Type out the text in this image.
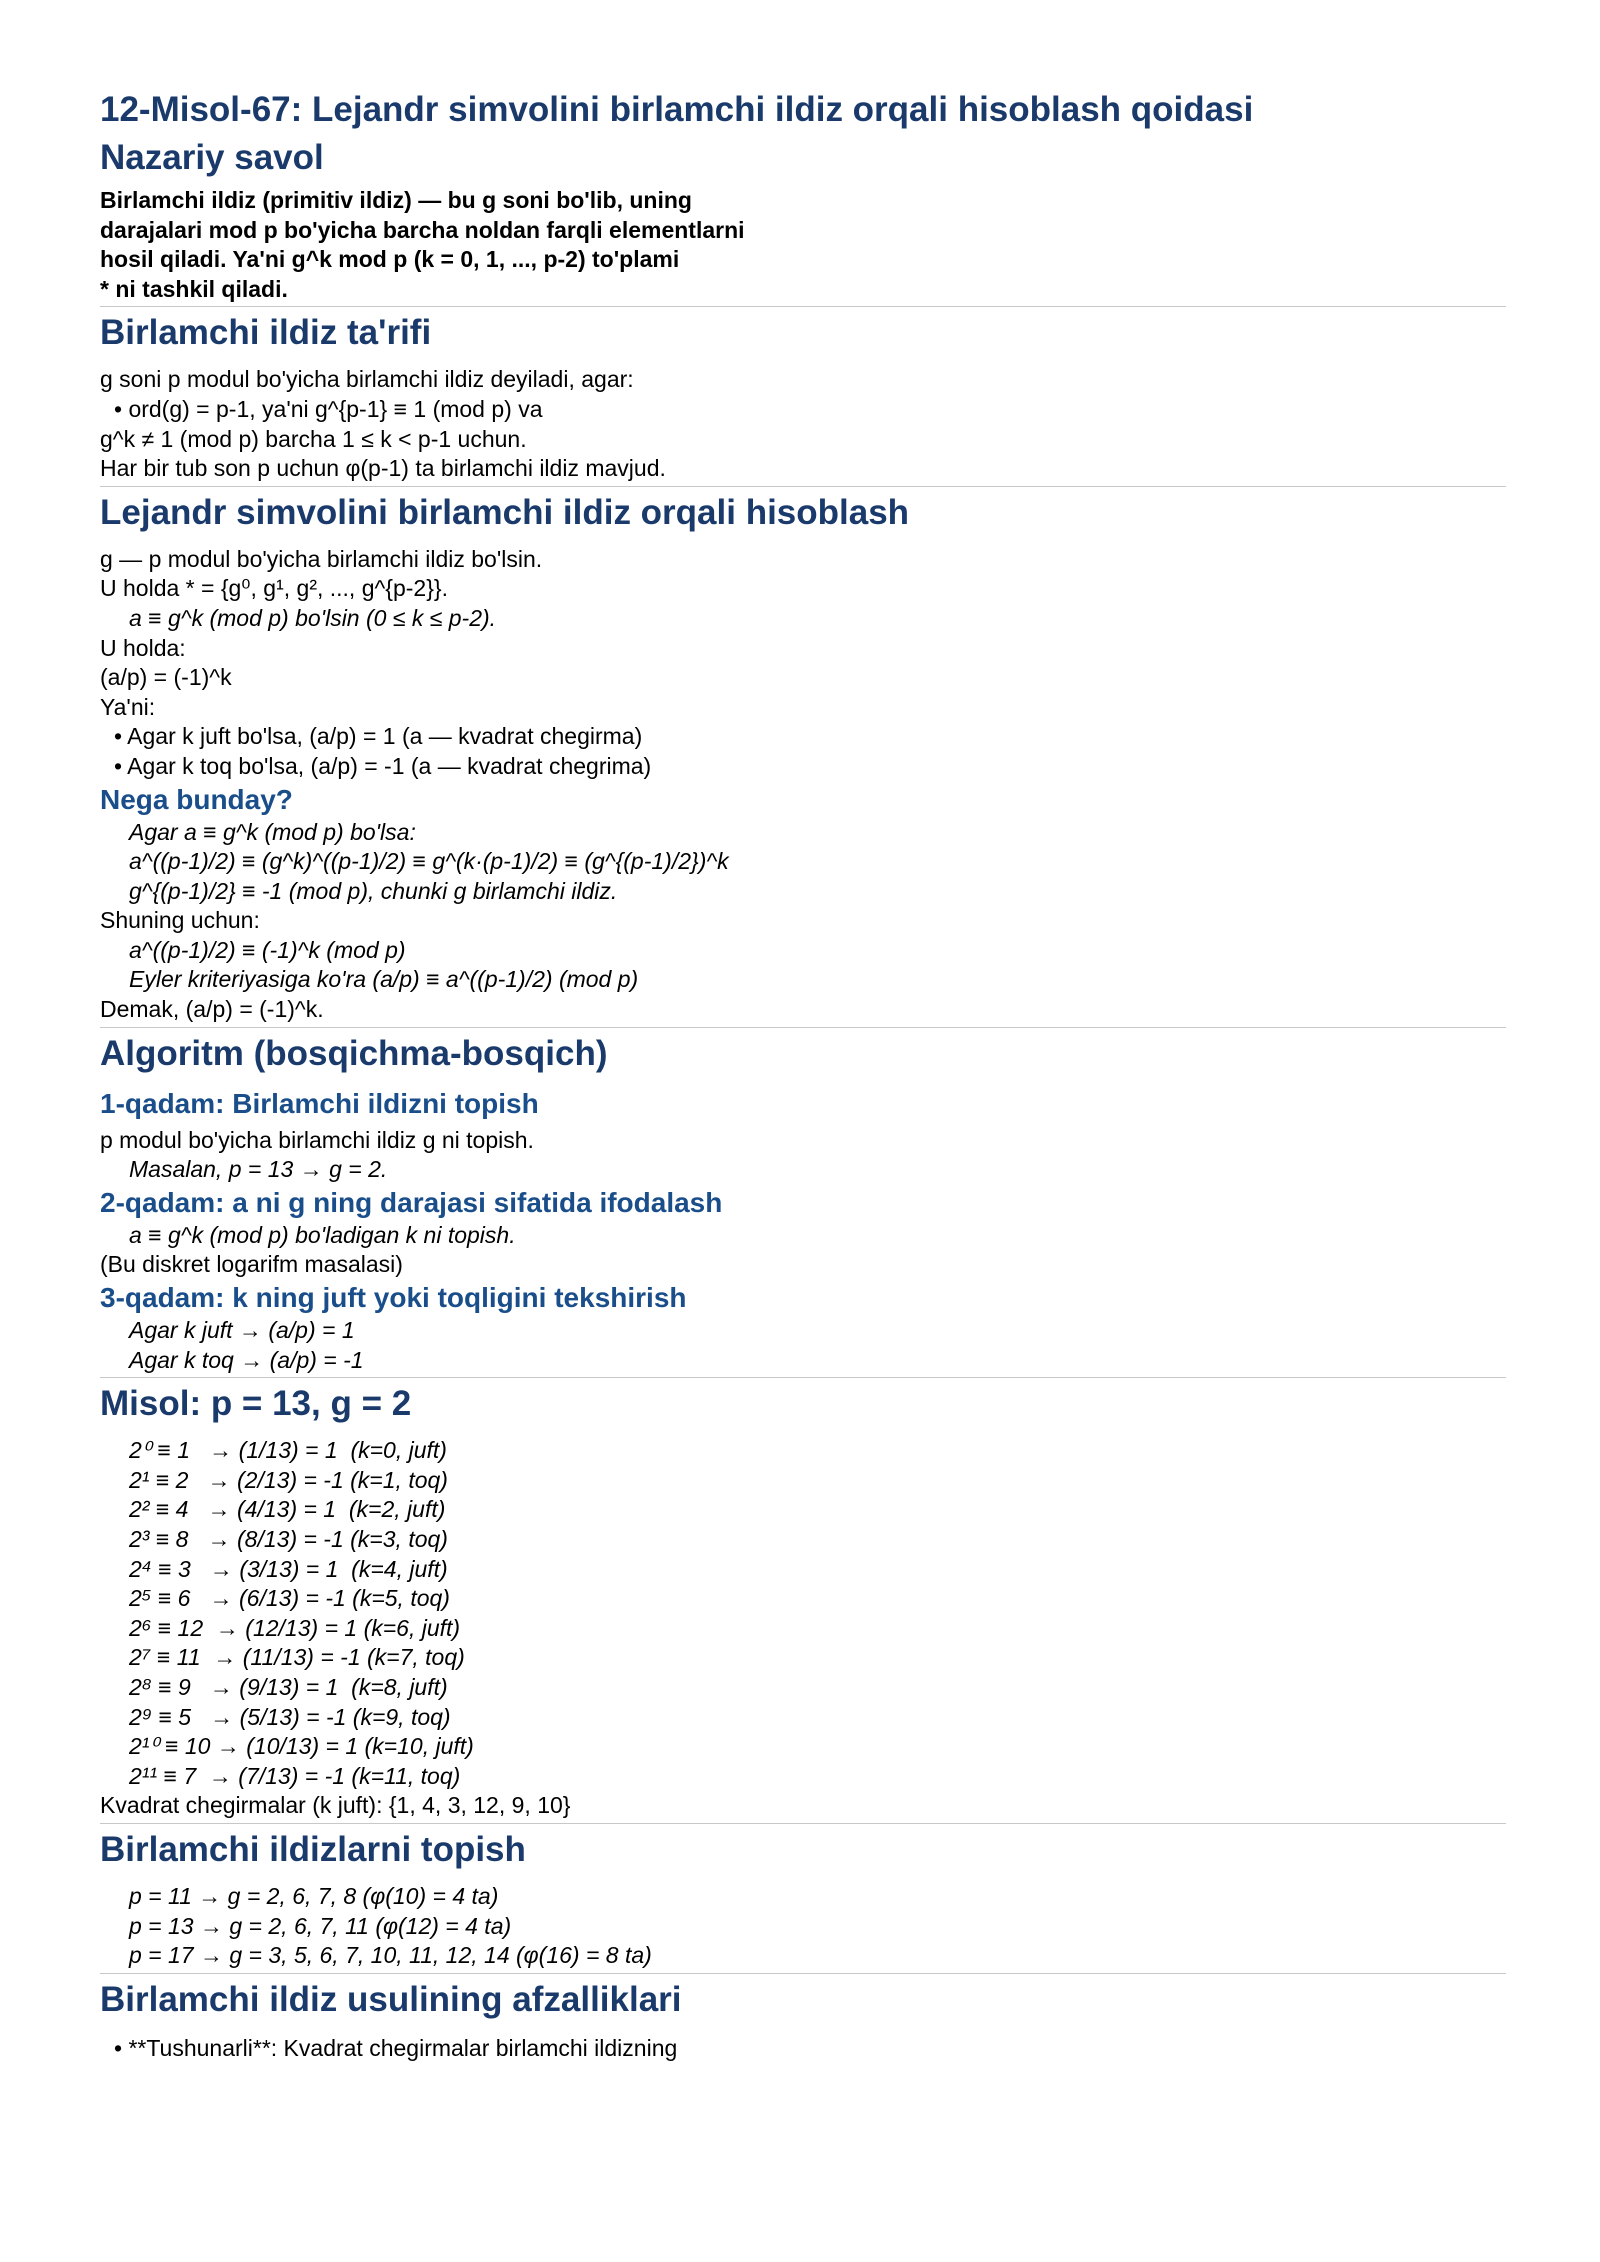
12-Misol-67: Lejandr simvolini birlamchi ildiz orqali hisoblash qoidasi
Nazariy savol
Birlamchi ildiz (primitiv ildiz) — bu g soni bo'lib, uning
darajalari mod p bo'yicha barcha noldan farqli elementlarni
hosil qiladi. Ya'ni g^k mod p (k = 0, 1, ..., p-2) to'plami
* ni tashkil qiladi.
Birlamchi ildiz ta'rifi
g soni p modul bo'yicha birlamchi ildiz deyiladi, agar:
• ord(g) = p-1, ya'ni g^{p-1} ≡ 1 (mod p) va
g^k ≠ 1 (mod p) barcha 1 ≤ k < p-1 uchun.
Har bir tub son p uchun φ(p-1) ta birlamchi ildiz mavjud.
Lejandr simvolini birlamchi ildiz orqali hisoblash
g — p modul bo'yicha birlamchi ildiz bo'lsin.
U holda * = {g⁰, g¹, g², ..., g^{p-2}}.
a ≡ g^k (mod p) bo'lsin (0 ≤ k ≤ p-2).
U holda:
(a/p) = (-1)^k
Ya'ni:
• Agar k juft bo'lsa, (a/p) = 1 (a — kvadrat chegirma)
• Agar k toq bo'lsa, (a/p) = -1 (a — kvadrat chegrima)
Nega bunday?
Agar a ≡ g^k (mod p) bo'lsa:
a^((p-1)/2) ≡ (g^k)^((p-1)/2) ≡ g^(k·(p-1)/2) ≡ (g^{(p-1)/2})^k
g^{(p-1)/2} ≡ -1 (mod p), chunki g birlamchi ildiz.
Shuning uchun:
a^((p-1)/2) ≡ (-1)^k (mod p)
Eyler kriteriyasiga ko'ra (a/p) ≡ a^((p-1)/2) (mod p)
Demak, (a/p) = (-1)^k.
Algoritm (bosqichma-bosqich)
1-qadam: Birlamchi ildizni topish
p modul bo'yicha birlamchi ildiz g ni topish.
Masalan, p = 13 → g = 2.
2-qadam: a ni g ning darajasi sifatida ifodalash
a ≡ g^k (mod p) bo'ladigan k ni topish.
(Bu diskret logarifm masalasi)
3-qadam: k ning juft yoki toqligini tekshirish
Agar k juft → (a/p) = 1
Agar k toq → (a/p) = -1
Misol: p = 13, g = 2
2⁰ ≡ 1   → (1/13) = 1  (k=0, juft)
2¹ ≡ 2   → (2/13) = -1 (k=1, toq)
2² ≡ 4   → (4/13) = 1  (k=2, juft)
2³ ≡ 8   → (8/13) = -1 (k=3, toq)
2⁴ ≡ 3   → (3/13) = 1  (k=4, juft)
2⁵ ≡ 6   → (6/13) = -1 (k=5, toq)
2⁶ ≡ 12  → (12/13) = 1 (k=6, juft)
2⁷ ≡ 11  → (11/13) = -1 (k=7, toq)
2⁸ ≡ 9   → (9/13) = 1  (k=8, juft)
2⁹ ≡ 5   → (5/13) = -1 (k=9, toq)
2¹⁰ ≡ 10 → (10/13) = 1 (k=10, juft)
2¹¹ ≡ 7  → (7/13) = -1 (k=11, toq)
Kvadrat chegirmalar (k juft): {1, 4, 3, 12, 9, 10}
Birlamchi ildizlarni topish
p = 11 → g = 2, 6, 7, 8 (φ(10) = 4 ta)
p = 13 → g = 2, 6, 7, 11 (φ(12) = 4 ta)
p = 17 → g = 3, 5, 6, 7, 10, 11, 12, 14 (φ(16) = 8 ta)
Birlamchi ildiz usulining afzalliklari
• **Tushunarli**: Kvadrat chegirmalar birlamchi ildizning
